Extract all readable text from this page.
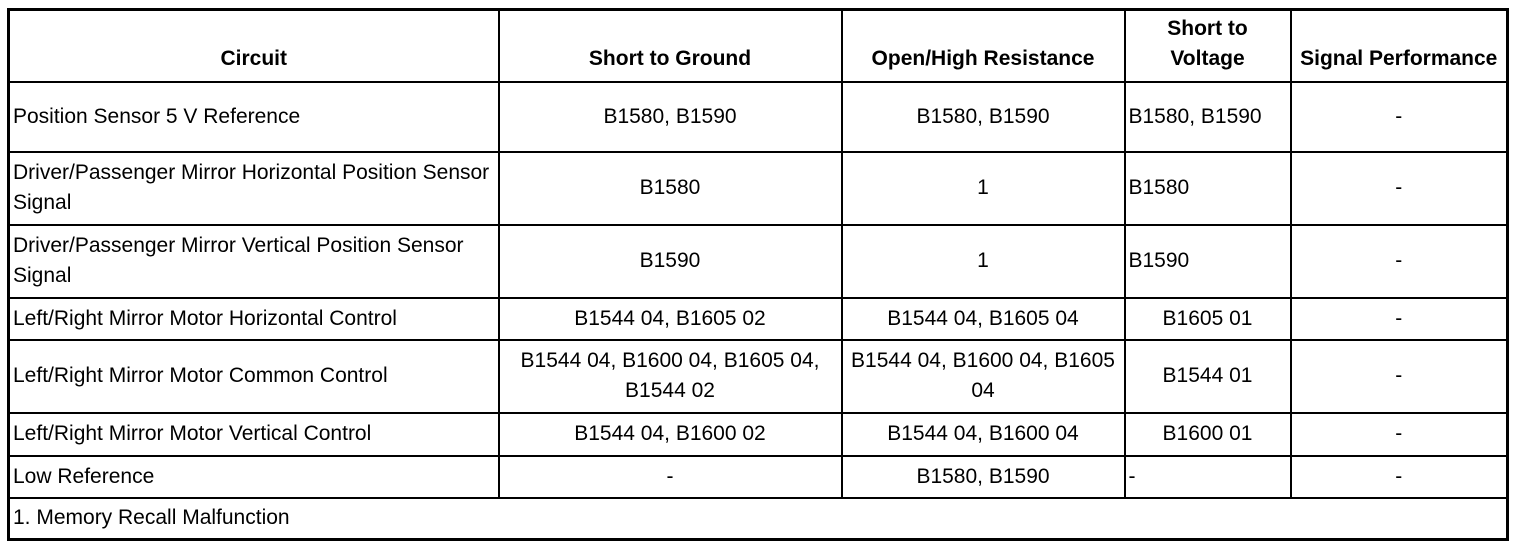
Circuit	Short to Ground	Open/High Resistance	Short to Voltage	Signal Performance
Position Sensor 5 V Reference	B1580, B1590	B1580, B1590	B1580, B1590	-
Driver/Passenger Mirror Horizontal Position Sensor Signal	B1580	1	B1580	-
Driver/Passenger Mirror Vertical Position Sensor Signal	B1590	1	B1590	-
Left/Right Mirror Motor Horizontal Control	B1544 04, B1605 02	B1544 04, B1605 04	B1605 01	-
Left/Right Mirror Motor Common Control	B1544 04, B1600 04, B1605 04, B1544 02	B1544 04, B1600 04, B1605 04	B1544 01	-
Left/Right Mirror Motor Vertical Control	B1544 04, B1600 02	B1544 04, B1600 04	B1600 01	-
Low Reference	-	B1580, B1590	-	-
1. Memory Recall Malfunction				
